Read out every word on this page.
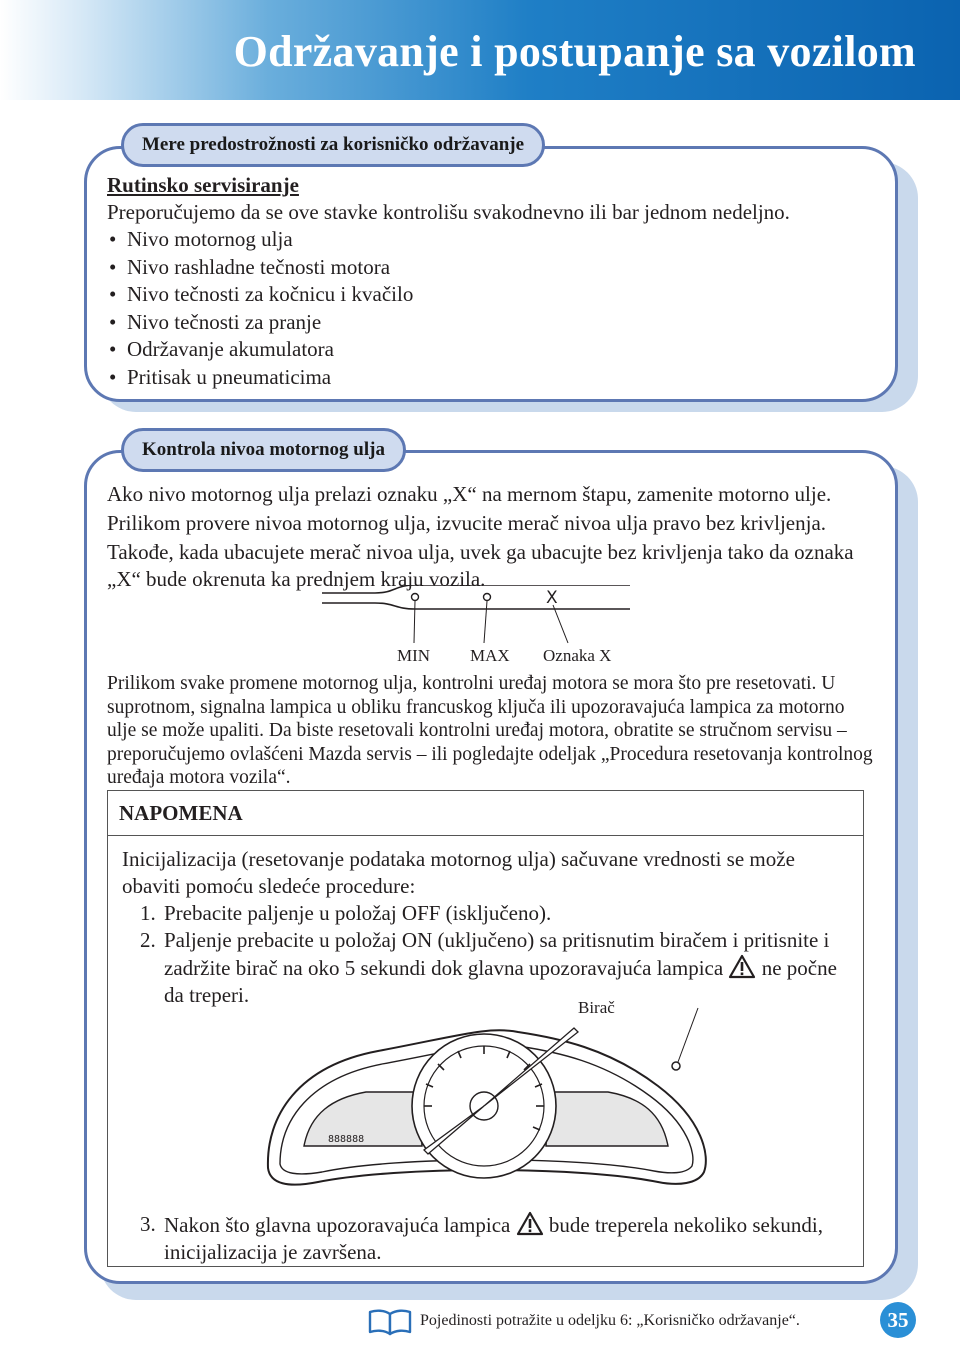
Održavanje i postupanje sa vozilom
Mere predostrožnosti za korisničko održavanje
Rutinsko servisiranje

Preporučujemo da se ove stavke kontrolišu svakodnevno ili bar jednom nedeljno.

• Nivo motornog ulja
• Nivo rashladne tečnosti motora
• Nivo tečnosti za kočnicu i kvačilo
• Nivo tečnosti za pranje
• Održavanje akumulatora
• Pritisak u pneumaticima
Kontrola nivoa motornog ulja

Ako nivo motornog ulja prelazi oznaku „X“ na mernom štapu, zamenite motorno ulje.

Prilikom provere nivoa motornog ulja, izvucite merač nivoa ulja pravo bez krivljenja.

Takođe, kada ubacujete merač nivoa ulja, uvek ga ubacujte bez krivljenja tako da oznaka „X“ bude okrenuta ka prednjem kraju vozila.

X
MIN MAX Oznaka X

Prilikom svake promene motornog ulja, kontrolni uređaj motora se mora što pre resetovati. U suprotnom, signalna lampica u obliku francuskog ključa ili upozoravajuća lampica za motorno ulje se može upaliti. Da biste resetovali kontrolni uređaj motora, obratite se stručnom servisu – preporučujemo ovlašćeni Mazda servis – ili pogledajte odeljak „Procedura resetovanja kontrolnog uređaja motora vozila“.

NAPOMENA

Inicijalizacija (resetovanje podataka motornog ulja) sačuvane vrednosti se može obaviti pomoću sledeće procedure:

1. Prebacite paljenje u položaj OFF (isključeno).
2. Paljenje prebacite u položaj ON (uključeno) sa pritisnutim biračem i pritisnite i zadržite birač na oko 5 sekundi dok glavna upozoravajuća lampica ne počne da treperi.
888888
Birač
3. Nakon što glavna upozoravajuća lampica bude treperela nekoliko sekundi, inicijalizacija je završena.
Pojedinosti potražite u odeljku 6: „Korisničko održavanje“.	35
